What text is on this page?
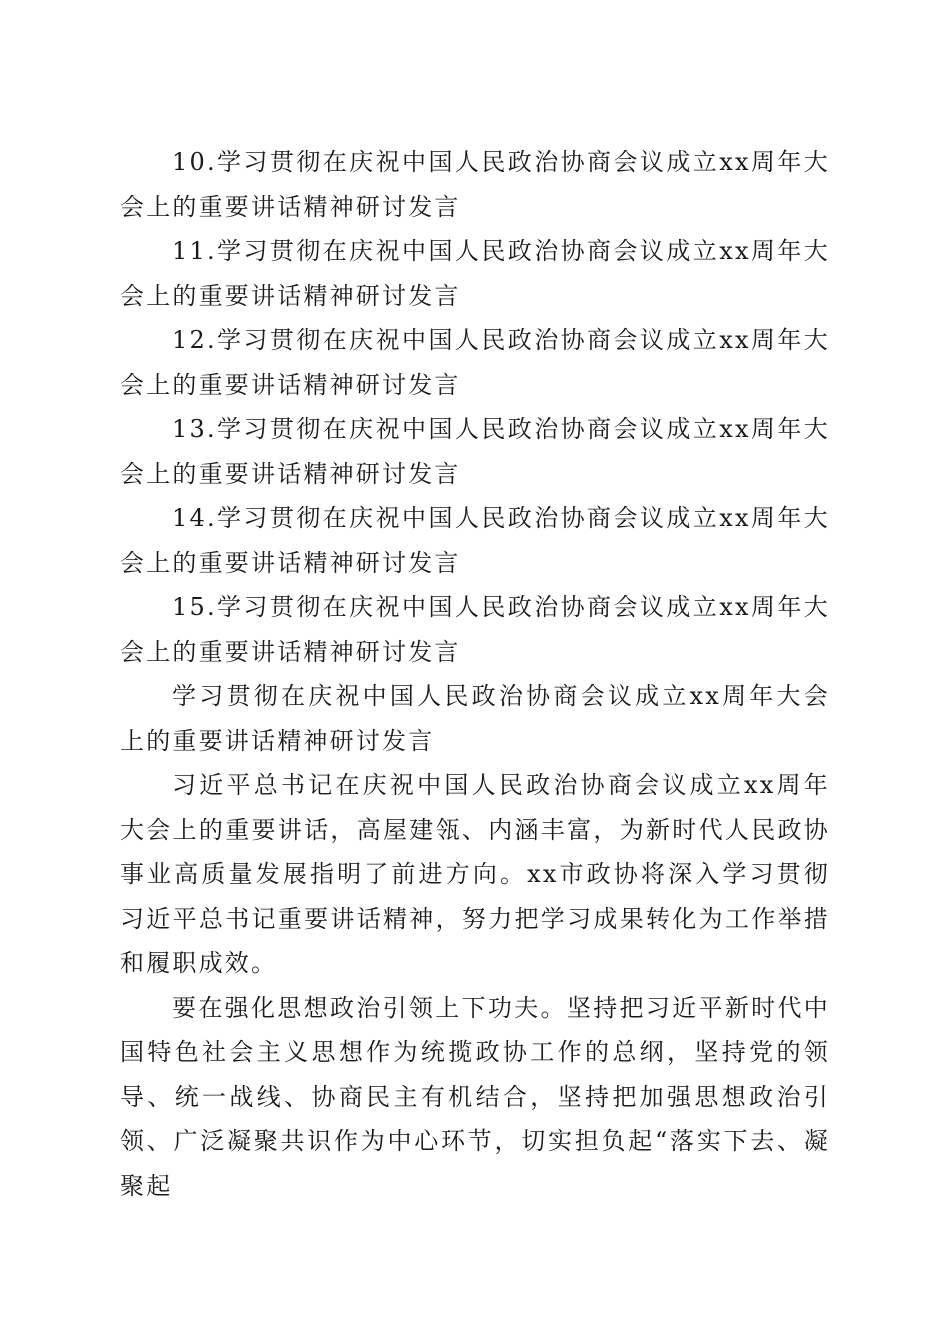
10.学习贯彻在庆祝中国人民政治协商会议成立xx周年大会上的重要讲话精神研讨发言

11.学习贯彻在庆祝中国人民政治协商会议成立xx周年大会上的重要讲话精神研讨发言

12.学习贯彻在庆祝中国人民政治协商会议成立xx周年大会上的重要讲话精神研讨发言

13.学习贯彻在庆祝中国人民政治协商会议成立xx周年大会上的重要讲话精神研讨发言

14.学习贯彻在庆祝中国人民政治协商会议成立xx周年大会上的重要讲话精神研讨发言

15.学习贯彻在庆祝中国人民政治协商会议成立xx周年大会上的重要讲话精神研讨发言

学习贯彻在庆祝中国人民政治协商会议成立xx周年大会上的重要讲话精神研讨发言

习近平总书记在庆祝中国人民政治协商会议成立xx周年大会上的重要讲话，高屋建瓴、内涵丰富，为新时代人民政协事业高质量发展指明了前进方向。xx市政协将深入学习贯彻习近平总书记重要讲话精神，努力把学习成果转化为工作举措和履职成效。

要在强化思想政治引领上下功夫。坚持把习近平新时代中国特色社会主义思想作为统揽政协工作的总纲，坚持党的领导、统一战线、协商民主有机结合，坚持把加强思想政治引领、广泛凝聚共识作为中心环节，切实担负起“落实下去、凝聚起
